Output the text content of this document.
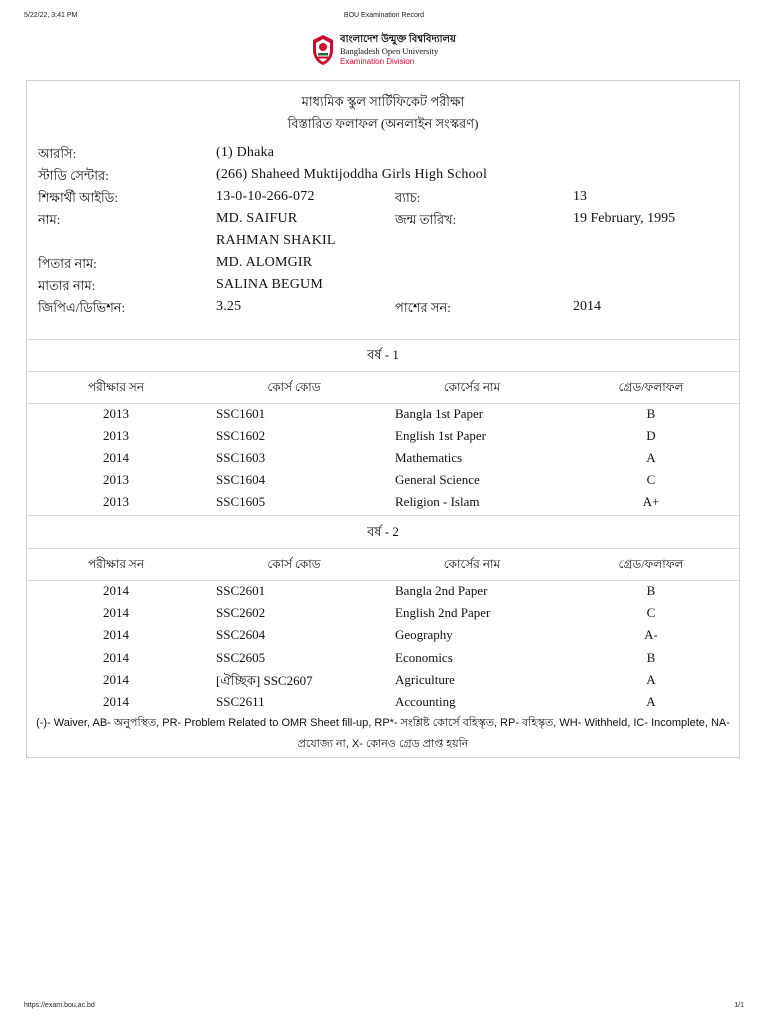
5/22/22, 3:41 PM	BOU Examination Record
বাংলাদেশ উন্মুক্ত বিশ্ববিদ্যালয়
Bangladesh Open University
Examination Division
মাধ্যমিক স্কুল সার্টিফিকেট পরীক্ষা
বিস্তারিত ফলাফল (অনলাইন সংস্করণ)
আরসি:	(1) Dhaka
স্টাডি সেন্টার:	(266) Shaheed Muktijoddha Girls High School
শিক্ষার্থী আইডি:	13-0-10-266-072	ব্যাচ:	13
নাম:	MD. SAIFUR	জন্ম তারিখ:	19 February, 1995
RAHMAN SHAKIL
পিতার নাম:	MD. ALOMGIR
মাতার নাম:	SALINA BEGUM
জিপিএ/ডিভিশন:	3.25	পাশের সন:	2014
বর্ষ - 1
পরীক্ষার সন	কোর্স কোড	কোর্সের নাম	গ্রেড/ফলাফল
2013	SSC1601	Bangla 1st Paper	B
2013	SSC1602	English 1st Paper	D
2014	SSC1603	Mathematics	A
2013	SSC1604	General Science	C
2013	SSC1605	Religion - Islam	A+
বর্ষ - 2
পরীক্ষার সন	কোর্স কোড	কোর্সের নাম	গ্রেড/ফলাফল
2014	SSC2601	Bangla 2nd Paper	B
2014	SSC2602	English 2nd Paper	C
2014	SSC2604	Geography	A-
2014	SSC2605	Economics	B
2014	[ঐচ্ছিক] SSC2607	Agriculture	A
2014	SSC2611	Accounting	A
(-)- Waiver, AB- অনুপস্থিত, PR- Problem Related to OMR Sheet fill-up, RP*- সংশ্লিষ্ট কোর্সে বহিস্কৃত, RP- বহিস্কৃত, WH- Withheld, IC- Incomplete, NA- প্রযোজ্য না, X- কোনও গ্রেড প্রাপ্ত হয়নি
https://exam.bou.ac.bd	1/1
